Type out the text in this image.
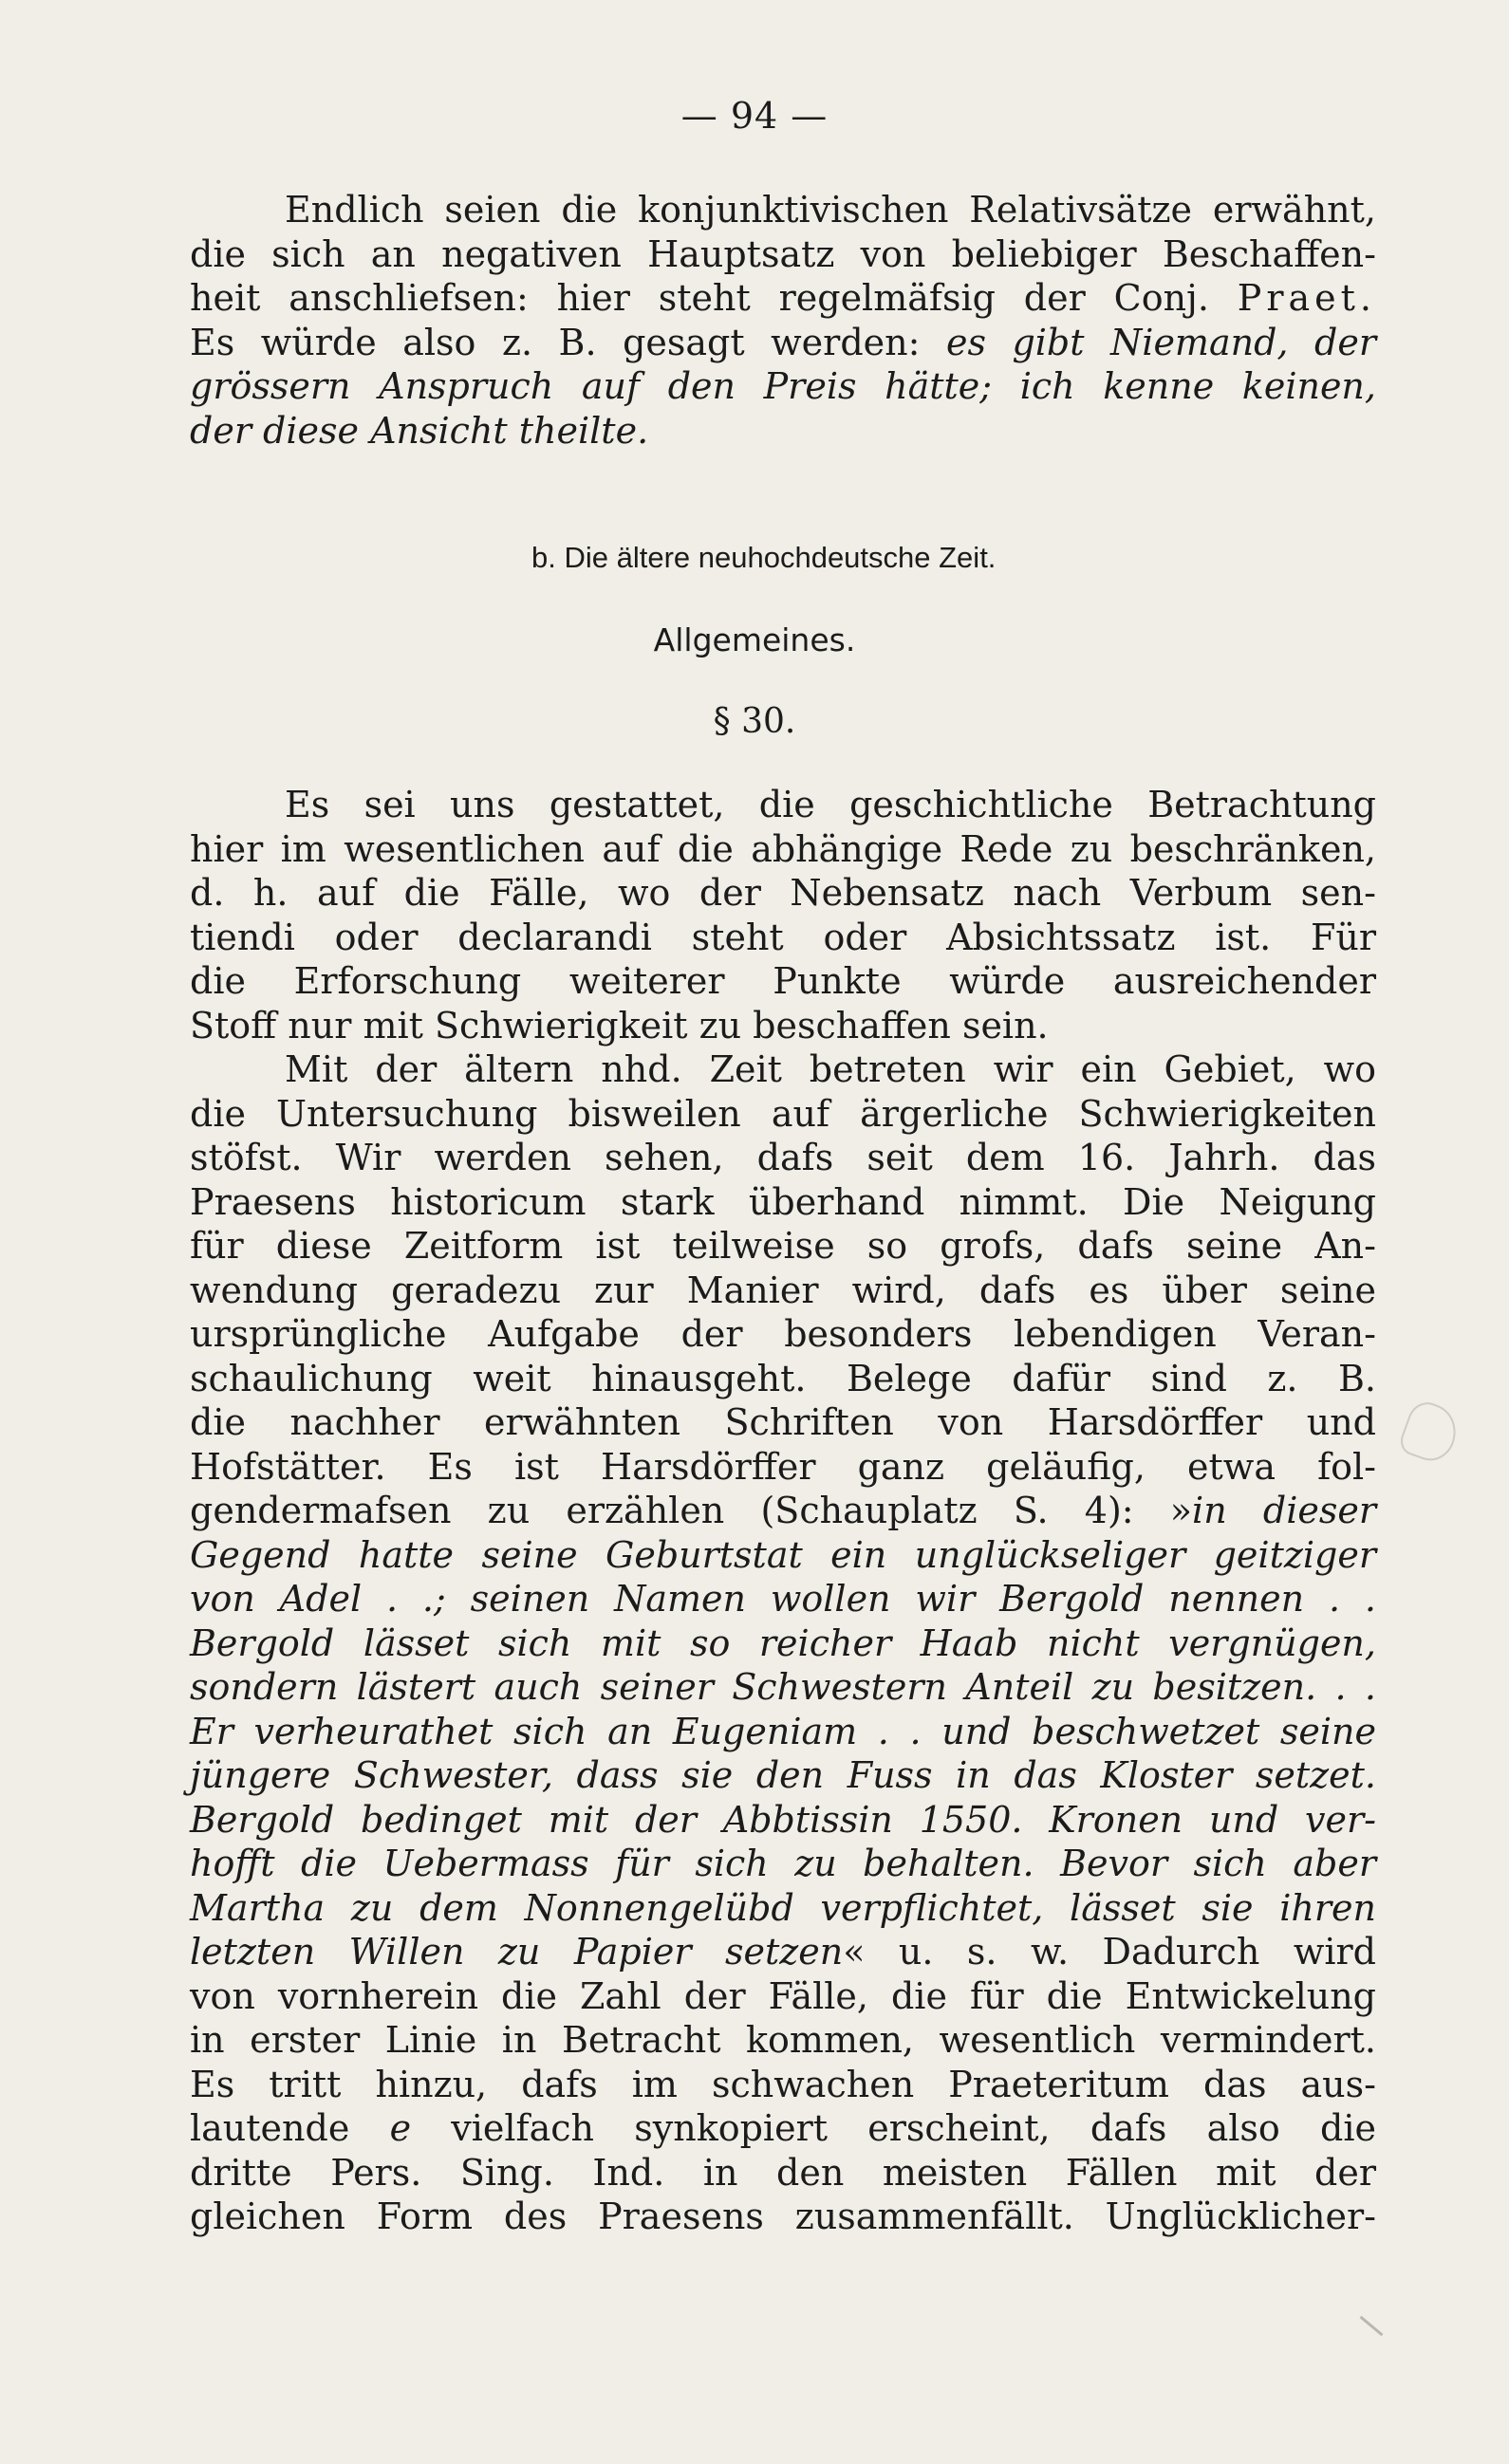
— 94 —
Endlich seien die konjunktivischen Relativsätze erwähnt,
die sich an negativen Hauptsatz von beliebiger Beschaffen-
heit anschliefsen: hier steht regelmäfsig der Conj. Praet.
Es würde also z. B. gesagt werden: es gibt Niemand, der
grössern Anspruch auf den Preis hätte; ich kenne keinen,
der diese Ansicht theilte.
b. Die ältere neuhochdeutsche Zeit.
Allgemeines.
§ 30.
Es sei uns gestattet, die geschichtliche Betrachtung
hier im wesentlichen auf die abhängige Rede zu beschränken,
d. h. auf die Fälle, wo der Nebensatz nach Verbum sen-
tiendi oder declarandi steht oder Absichtssatz ist. Für
die Erforschung weiterer Punkte würde ausreichender
Stoff nur mit Schwierigkeit zu beschaffen sein.
Mit der ältern nhd. Zeit betreten wir ein Gebiet, wo
die Untersuchung bisweilen auf ärgerliche Schwierigkeiten
stöfst. Wir werden sehen, dafs seit dem 16. Jahrh. das
Praesens historicum stark überhand nimmt. Die Neigung
für diese Zeitform ist teilweise so grofs, dafs seine An-
wendung geradezu zur Manier wird, dafs es über seine
ursprüngliche Aufgabe der besonders lebendigen Veran-
schaulichung weit hinausgeht. Belege dafür sind z. B.
die nachher erwähnten Schriften von Harsdörffer und
Hofstätter. Es ist Harsdörffer ganz geläufig, etwa fol-
gendermafsen zu erzählen (Schauplatz S. 4): »in dieser
Gegend hatte seine Geburtstat ein unglückseliger geitziger
von Adel . .; seinen Namen wollen wir Bergold nennen . .
Bergold lässet sich mit so reicher Haab nicht vergnügen,
sondern lästert auch seiner Schwestern Anteil zu besitzen. . .
Er verheurathet sich an Eugeniam . . und beschwetzet seine
jüngere Schwester, dass sie den Fuss in das Kloster setzet.
Bergold bedinget mit der Abbtissin 1550. Kronen und ver-
hofft die Uebermass für sich zu behalten. Bevor sich aber
Martha zu dem Nonnengelübd verpflichtet, lässet sie ihren
letzten Willen zu Papier setzen« u. s. w. Dadurch wird
von vornherein die Zahl der Fälle, die für die Entwickelung
in erster Linie in Betracht kommen, wesentlich vermindert.
Es tritt hinzu, dafs im schwachen Praeteritum das aus-
lautende e vielfach synkopiert erscheint, dafs also die
dritte Pers. Sing. Ind. in den meisten Fällen mit der
gleichen Form des Praesens zusammenfällt. Unglücklicher-
